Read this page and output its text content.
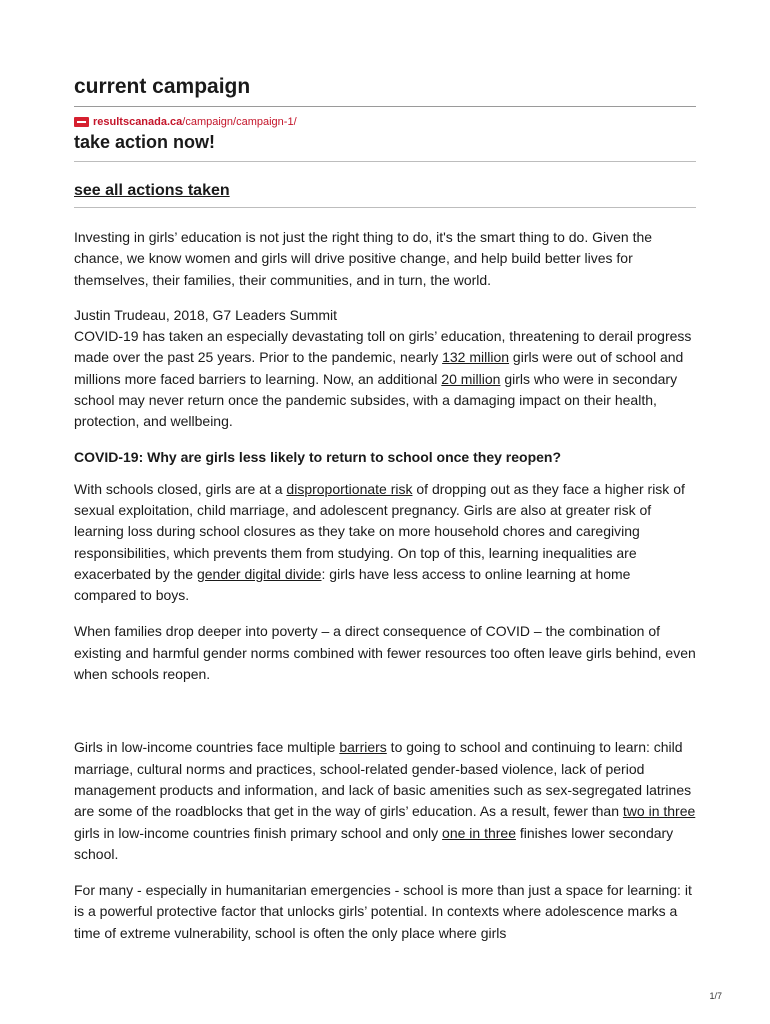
current campaign
resultscanada.ca /campaign/campaign-1/
take action now!
see all actions taken

Investing in girls’ education is not just the right thing to do, it's the smart thing to do. Given the chance, we know women and girls will drive positive change, and help build better lives for themselves, their families, their communities, and in turn, the world.

Justin Trudeau, 2018, G7 Leaders Summit
COVID-19 has taken an especially devastating toll on girls’ education, threatening to derail progress made over the past 25 years. Prior to the pandemic, nearly 132 million girls were out of school and millions more faced barriers to learning. Now, an additional 20 million girls who were in secondary school may never return once the pandemic subsides, with a damaging impact on their health, protection, and wellbeing.

COVID-19: Why are girls less likely to return to school once they reopen?

With schools closed, girls are at a disproportionate risk of dropping out as they face a higher risk of sexual exploitation, child marriage, and adolescent pregnancy. Girls are also at greater risk of learning loss during school closures as they take on more household chores and caregiving responsibilities, which prevents them from studying. On top of this, learning inequalities are exacerbated by the gender digital divide: girls have less access to online learning at home compared to boys.

When families drop deeper into poverty – a direct consequence of COVID – the combination of existing and harmful gender norms combined with fewer resources too often leave girls behind, even when schools reopen.

Girls in low-income countries face multiple barriers to going to school and continuing to learn: child marriage, cultural norms and practices, school-related gender-based violence, lack of period management products and information, and lack of basic amenities such as sex-segregated latrines are some of the roadblocks that get in the way of girls’ education. As a result, fewer than two in three girls in low-income countries finish primary school and only one in three finishes lower secondary school.

For many - especially in humanitarian emergencies - school is more than just a space for learning: it is a powerful protective factor that unlocks girls’ potential. In contexts where adolescence marks a time of extreme vulnerability, school is often the only place where girls

1/7
